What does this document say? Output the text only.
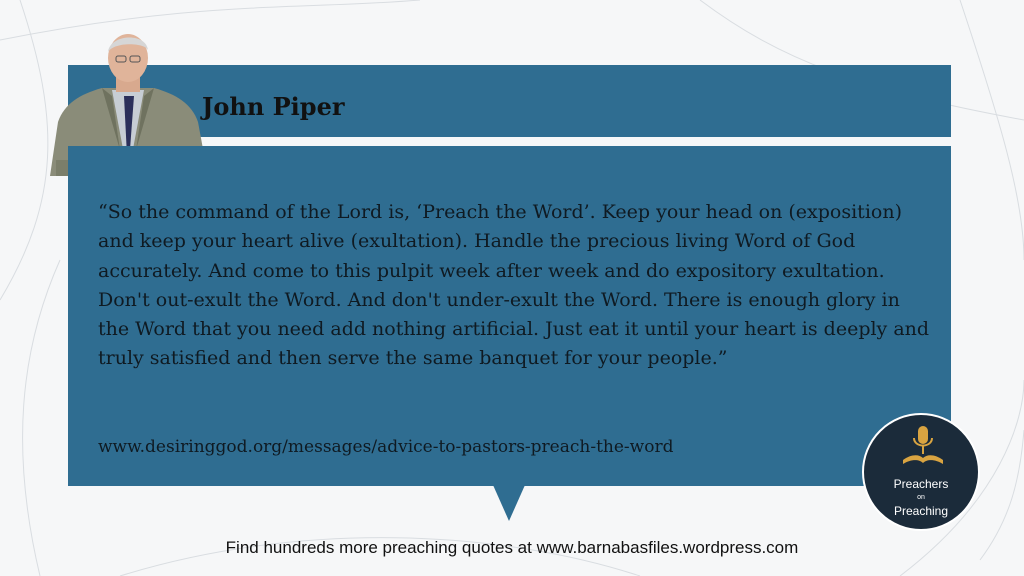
John Piper

“So the command of the Lord is, ‘Preach the Word’. Keep your head on (exposition) and keep your heart alive (exultation). Handle the precious living Word of God accurately. And come to this pulpit week after week and do expository exultation. Don't out-exult the Word. And don't under-exult the Word. There is enough glory in the Word that you need add nothing artificial. Just eat it until your heart is deeply and truly satisfied and then serve the same banquet for your people.”

www.desiringgod.org/messages/advice-to-pastors-preach-the-word
Preachers
on
Preaching
Find hundreds more preaching quotes at www.barnabasfiles.wordpress.com
